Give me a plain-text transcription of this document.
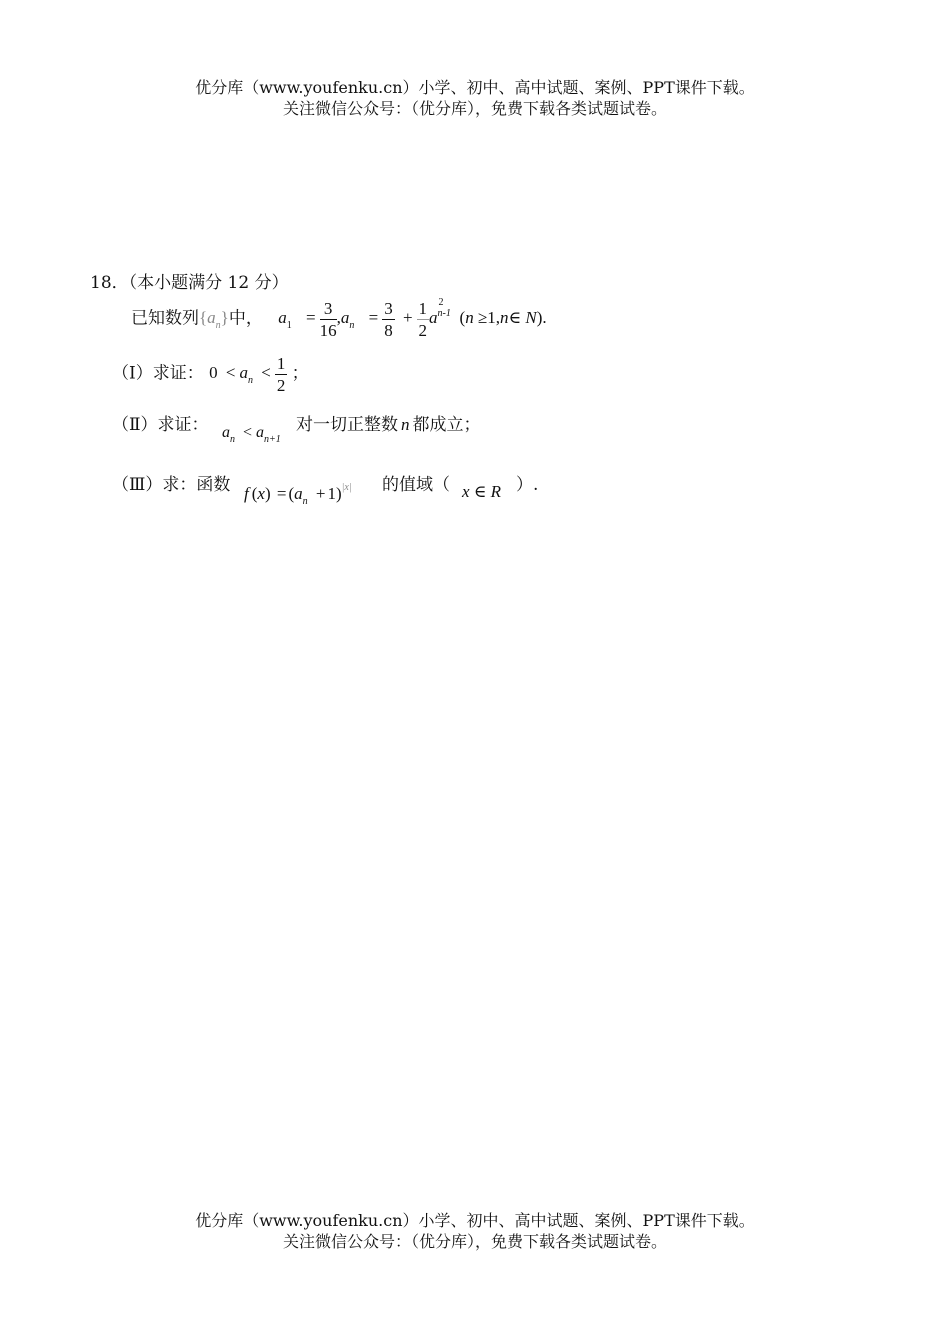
优分库（www.youfenku.cn）小学、初中、高中试题、案例、PPT课件下载。
关注微信公众号：（优分库），免费下载各类试题试卷。
18．（本小题满分 12 分）
已知数列$\{a_n\}$中， $a_1 = \frac{3}{16} ,a_n = \frac{3}{8} + \frac{1}{2}$ a
2
n-1 (n ≥1,n∈ N).
（Ⅰ）求证： $0 < a_n < \frac{1}{2}$ ；
（Ⅱ）求证： $a_n < a_{n+1}$
对一切正整数 n 都成立；
（Ⅲ）求：函数 f $(x) = (a_n + 1)^{|x|}$ 的值域（ x ∈ R ）.
优分库（www.youfenku.cn）小学、初中、高中试题、案例、PPT课件下载。
关注微信公众号：（优分库），免费下载各类试题试卷。
